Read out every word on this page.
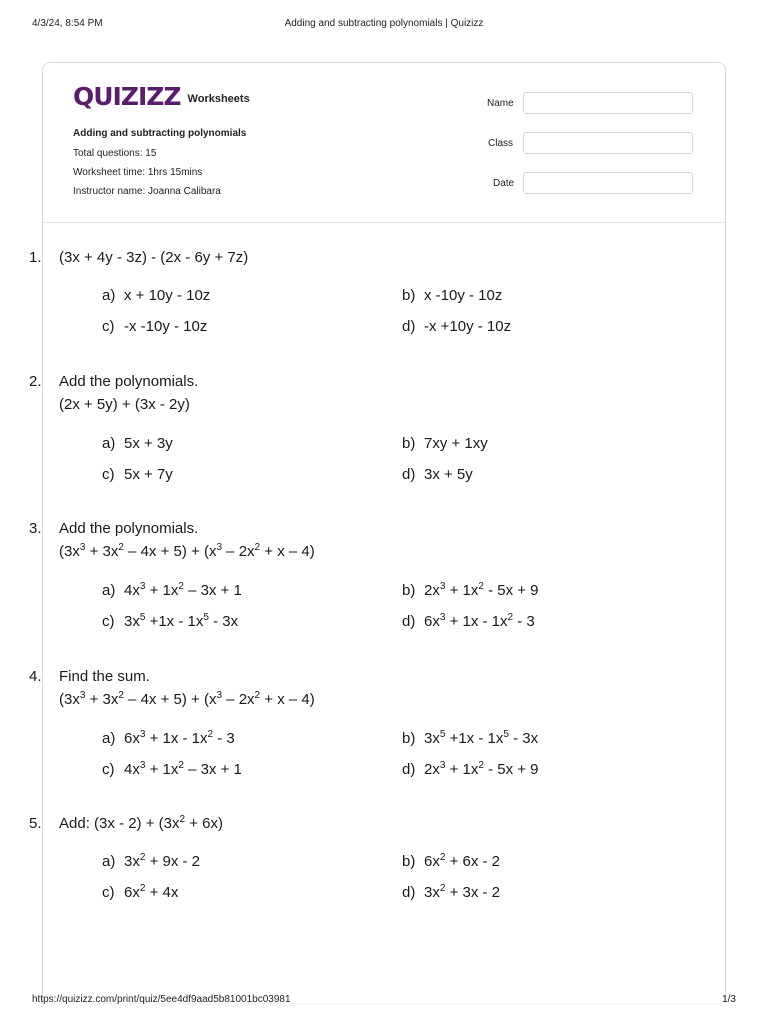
4/3/24, 8:54 PM	Adding and subtracting polynomials | Quizizz
QUIZIZZ Worksheets
Adding and subtracting polynomials
Total questions: 15
Worksheet time: 1hrs 15mins
Instructor name: Joanna Calibara
Name
Class
Date
1. (3x + 4y - 3z) - (2x - 6y + 7z)
a) x + 10y - 10z	b) x -10y - 10z
c) -x -10y - 10z	d) -x +10y - 10z
2. Add the polynomials.
(2x + 5y) + (3x - 2y)
a) 5x + 3y	b) 7xy + 1xy
c) 5x + 7y	d) 3x + 5y
3. Add the polynomials.
$(3x^3 + 3x^2 - 4x + 5) + (x^3 - 2x^2 + x - 4)$
a) $4x^3 + 1x^2 - 3x + 1$	b) $2x^3 + 1x^2 - 5x + 9$
c) $3x^5 +1x - 1x^5 - 3x$	d) $6x^3 + 1x - 1x^2 - 3$
4. Find the sum.
$(3x^3 + 3x^2 - 4x + 5) + (x^3 - 2x^2 + x - 4)$
a) $6x^3 + 1x - 1x^2 - 3$	b) $3x^5 +1x - 1x^5 - 3x$
c) $4x^3 + 1x^2 - 3x + 1$	d) $2x^3 + 1x^2 - 5x + 9$
5. Add: $(3x - 2) + (3x^2 + 6x)$
a) $3x^2 + 9x - 2$	b) $6x^2 + 6x - 2$
c) $6x^2 + 4x$	d) $3x^2 + 3x - 2$
https://quizizz.com/print/quiz/5ee4df9aad5b81001bc03981	1/3
